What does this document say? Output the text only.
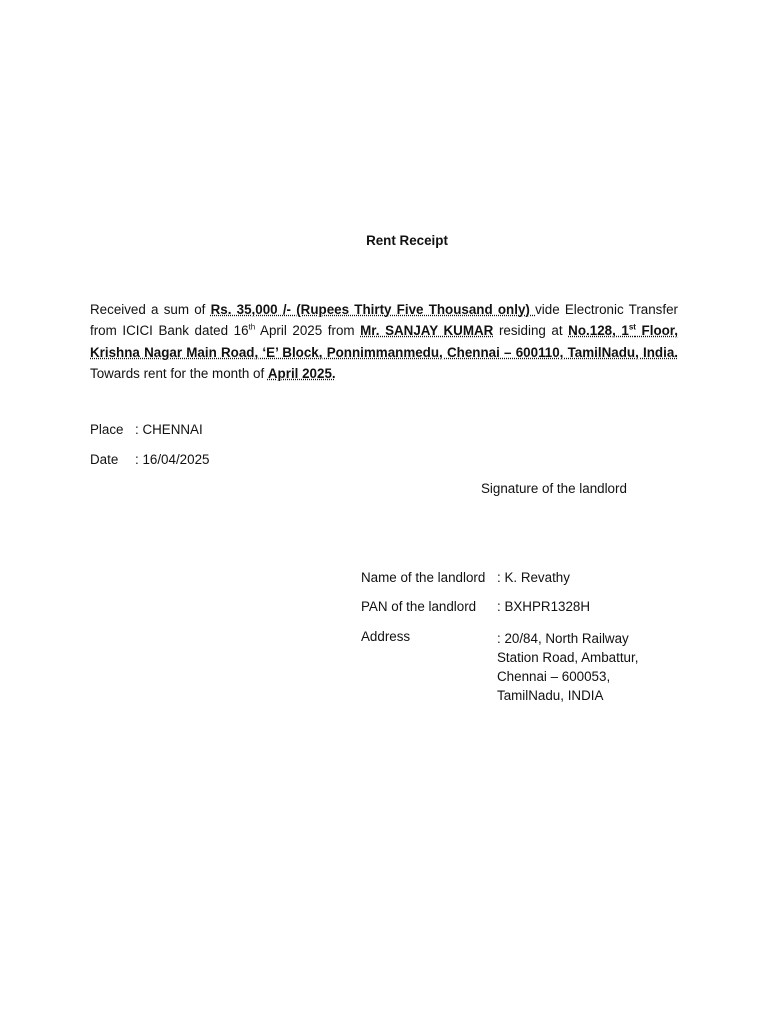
Rent Receipt
Received a sum of Rs. 35,000 /- (Rupees Thirty Five Thousand only) vide Electronic Transfer from ICICI Bank dated 16th April 2025 from Mr. SANJAY KUMAR residing at No.128, 1st Floor, Krishna Nagar Main Road, ‘E’ Block, Ponnimmanmedu, Chennai – 600110, TamilNadu, India. Towards rent for the month of April 2025.
Place : CHENNAI
Date : 16/04/2025
Signature of the landlord
Name of the landlord : K. Revathy
PAN of the landlord : BXHPR1328H
Address	: 20/84, North Railway Station Road, Ambattur, Chennai – 600053, TamilNadu, INDIA
